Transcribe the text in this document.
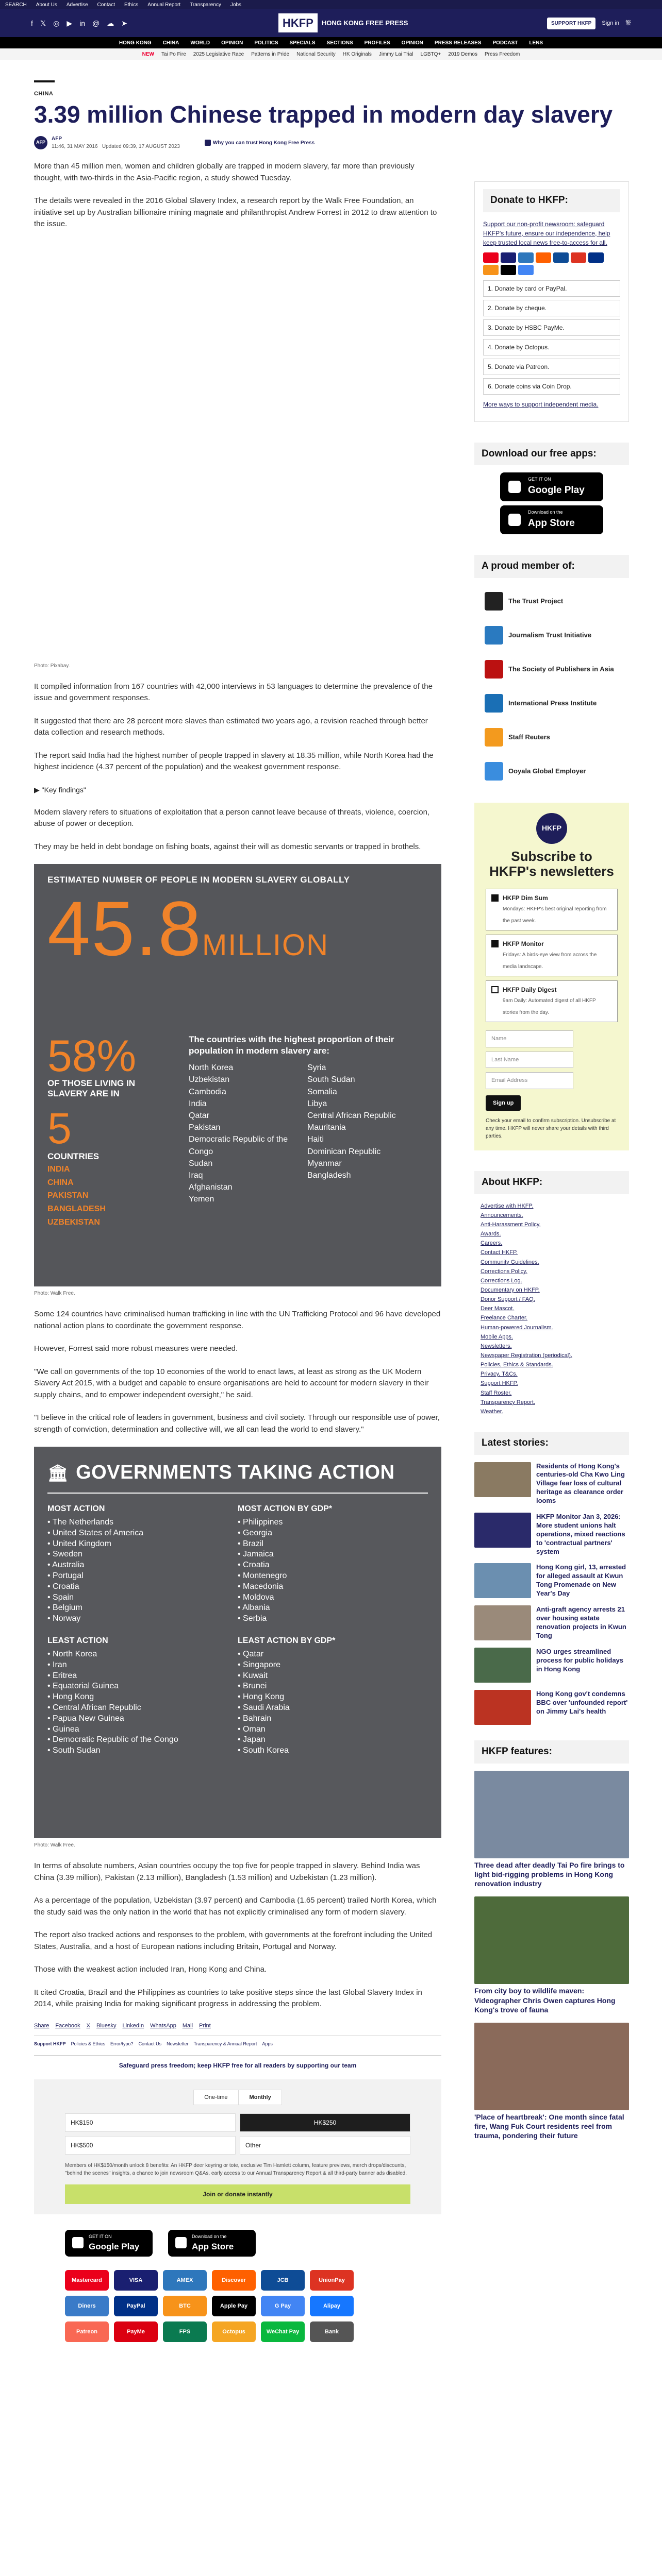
SEARCH About Us Advertise Contact Ethics Annual Report Transparency Jobs
f 𝕏 ◎ ▶ in @ ☁ ➤	HKFP	HONG KONG FREE PRESS	SUPPORT HKFP	Sign in 繁
HONG KONG CHINA WORLD OPINION POLITICS SPECIALS SECTIONS PROFILES OPINION PRESS RELEASES PODCAST LENS
NEW Tai Po Fire 2025 Legislative Race Patterns in Pride National Security HK Originals Jimmy Lai Trial LGBTQ+ 2019 Demos Press Freedom
CHINA
3.39 million Chinese trapped in modern day slavery
AFP
AFP
11:46, 31 MAY 2016 Updated 09:39, 17 AUGUST 2023
Why you can trust Hong Kong Free Press

More than 45 million men, women and children globally are trapped in modern slavery, far more than previously thought, with two-thirds in the Asia-Pacific region, a study showed Tuesday.

The details were revealed in the 2016 Global Slavery Index, a research report by the Walk Free Foundation, an initiative set up by Australian billionaire mining magnate and philanthropist Andrew Forrest in 2012 to draw attention to the issue.

Photo: Pixabay.

It compiled information from 167 countries with 42,000 interviews in 53 languages to determine the prevalence of the issue and government responses.

It suggested that there are 28 percent more slaves than estimated two years ago, a revision reached through better data collection and research methods.

The report said India had the highest number of people trapped in slavery at 18.35 million, while North Korea had the highest incidence (4.37 percent of the population) and the weakest government response.

▶ "Key findings"

Modern slavery refers to situations of exploitation that a person cannot leave because of threats, violence, coercion, abuse of power or deception.

They may be held in debt bondage on fishing boats, against their will as domestic servants or trapped in brothels.

ESTIMATED NUMBER OF PEOPLE IN MODERN SLAVERY GLOBALLY
45.8MILLION
58%
OF THOSE LIVING IN SLAVERY ARE IN
5
COUNTRIES
INDIA
CHINA
PAKISTAN
BANGLADESH
UZBEKISTAN
The countries with the highest proportion of their population in modern slavery are:
North Korea
Uzbekistan
Cambodia
India
Qatar
Pakistan
Democratic Republic of the Congo
Sudan
Iraq
Afghanistan
Yemen
Syria
South Sudan
Somalia
Libya
Central African Republic
Mauritania
Haiti
Dominican Republic
Myanmar
Bangladesh
Photo: Walk Free.

Some 124 countries have criminalised human trafficking in line with the UN Trafficking Protocol and 96 have developed national action plans to coordinate the government response.

However, Forrest said more robust measures were needed.

"We call on governments of the top 10 economies of the world to enact laws, at least as strong as the UK Modern Slavery Act 2015, with a budget and capable to ensure organisations are held to account for modern slavery in their supply chains, and to empower independent oversight," he said.

"I believe in the critical role of leaders in government, business and civil society. Through our responsible use of power, strength of conviction, determination and collective will, we all can lead the world to end slavery."

🏛 GOVERNMENTS TAKING ACTION
MOST ACTION
• The Netherlands
• United States of America
• United Kingdom
• Sweden
• Australia
• Portugal
• Croatia
• Spain
• Belgium
• Norway
LEAST ACTION
• North Korea
• Iran
• Eritrea
• Equatorial Guinea
• Hong Kong
• Central African Republic
• Papua New Guinea
• Guinea
• Democratic Republic of the Congo
• South Sudan
MOST ACTION BY GDP*
• Philippines
• Georgia
• Brazil
• Jamaica
• Croatia
• Montenegro
• Macedonia
• Moldova
• Albania
• Serbia
LEAST ACTION BY GDP*
• Qatar
• Singapore
• Kuwait
• Brunei
• Hong Kong
• Saudi Arabia
• Bahrain
• Oman
• Japan
• South Korea
Photo: Walk Free.

In terms of absolute numbers, Asian countries occupy the top five for people trapped in slavery. Behind India was China (3.39 million), Pakistan (2.13 million), Bangladesh (1.53 million) and Uzbekistan (1.23 million).

As a percentage of the population, Uzbekistan (3.97 percent) and Cambodia (1.65 percent) trailed North Korea, which the study said was the only nation in the world that has not explicitly criminalised any form of modern slavery.

The report also tracked actions and responses to the problem, with governments at the forefront including the United States, Australia, and a host of European nations including Britain, Portugal and Norway.

Those with the weakest action included Iran, Hong Kong and China.

It cited Croatia, Brazil and the Philippines as countries to take positive steps since the last Global Slavery Index in 2014, while praising India for making significant progress in addressing the problem.

Share Facebook X Bluesky LinkedIn WhatsApp Mail Print
Support HKFP Policies & Ethics Error/typo? Contact Us Newsletter Transparency & Annual Report Apps
Safeguard press freedom; keep HKFP free for all readers by supporting our team
One-time	Monthly
HK$150	HK$250
HK$500	Other
Members of HK$150/month unlock 8 benefits: An HKFP deer keyring or tote, exclusive Tim Hamlett column, feature previews, merch drops/discounts, "behind the scenes" insights, a chance to join newsroom Q&As, early access to our Annual Transparency Report & all third-party banner ads disabled.
Join or donate instantly
GET IT ON
Google Play
Download on the
App Store
Mastercard	VISA	AMEX	Discover	JCB	UnionPay
Diners	PayPal	BTC	Apple Pay	G Pay	Alipay
Patreon	PayMe	FPS	Octopus	WeChat Pay	Bank
Donate to HKFP:

Support our non-profit newsroom: safeguard HKFP's future, ensure our independence, help keep trusted local news free-to-access for all.

1. Donate by card or PayPal.
2. Donate by cheque.
3. Donate by HSBC PayMe.
4. Donate by Octopus.
5. Donate via Patreon.
6. Donate coins via Coin Drop.

More ways to support independent media.

Download our free apps:
GET IT ON
Google Play
Download on the
App Store
A proud member of:
The Trust Project
Journalism Trust Initiative
The Society of Publishers in Asia
International Press Institute
Staff Reuters
Ooyala Global Employer
HKFP
Subscribe to HKFP's newsletters
HKFP Dim Sum
Mondays: HKFP's best original reporting from the past week.
HKFP Monitor
Fridays: A birds-eye view from across the media landscape.
HKFP Daily Digest
9am Daily: Automated digest of all HKFP stories from the day.
Name
Last Name
Email Address
Sign up
Check your email to confirm subscription. Unsubscribe at any time. HKFP will never share your details with third parties.
About HKFP:
Advertise with HKFP.
Announcements.
Anti-Harassment Policy.
Awards.
Careers.
Contact HKFP.
Community Guidelines.
Corrections Policy.
Corrections Log.
Documentary on HKFP.
Donor Support / FAQ.
Deer Mascot.
Freelance Charter.
Human-powered Journalism.
Mobile Apps.
Newsletters.
Newspaper Registration (periodical).
Policies, Ethics & Standards.
Privacy, T&Cs.
Support HKFP.
Staff Roster.
Transparency Report.
Weather.
Latest stories:
Residents of Hong Kong's centuries-old Cha Kwo Ling Village fear loss of cultural heritage as clearance order looms
HKFP Monitor Jan 3, 2026: More student unions halt operations, mixed reactions to 'contractual partners' system
Hong Kong girl, 13, arrested for alleged assault at Kwun Tong Promenade on New Year's Day
Anti-graft agency arrests 21 over housing estate renovation projects in Kwun Tong
NGO urges streamlined process for public holidays in Hong Kong
Hong Kong gov't condemns BBC over 'unfounded report' on Jimmy Lai's health
HKFP features:
Three dead after deadly Tai Po fire brings to light bid-rigging problems in Hong Kong renovation industry
From city boy to wildlife maven: Videographer Chris Owen captures Hong Kong's trove of fauna
'Place of heartbreak': One month since fatal fire, Wang Fuk Court residents reel from trauma, pondering their future
